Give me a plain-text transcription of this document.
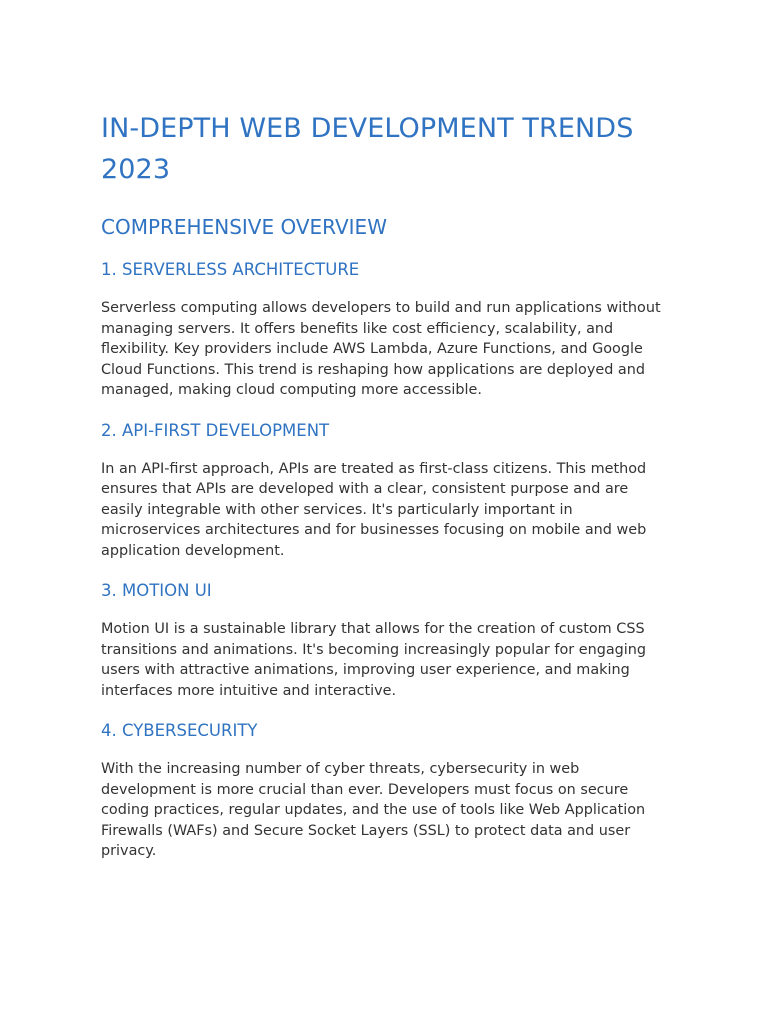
IN-DEPTH WEB DEVELOPMENT TRENDS 2023
COMPREHENSIVE OVERVIEW
1. SERVERLESS ARCHITECTURE

Serverless computing allows developers to build and run applications without managing servers. It offers benefits like cost efficiency, scalability, and flexibility. Key providers include AWS Lambda, Azure Functions, and Google Cloud Functions. This trend is reshaping how applications are deployed and managed, making cloud computing more accessible.

2. API-FIRST DEVELOPMENT

In an API-first approach, APIs are treated as first-class citizens. This method ensures that APIs are developed with a clear, consistent purpose and are easily integrable with other services. It's particularly important in microservices architectures and for businesses focusing on mobile and web application development.

3. MOTION UI

Motion UI is a sustainable library that allows for the creation of custom CSS transitions and animations. It's becoming increasingly popular for engaging users with attractive animations, improving user experience, and making interfaces more intuitive and interactive.

4. CYBERSECURITY

With the increasing number of cyber threats, cybersecurity in web development is more crucial than ever. Developers must focus on secure coding practices, regular updates, and the use of tools like Web Application Firewalls (WAFs) and Secure Socket Layers (SSL) to protect data and user privacy.
